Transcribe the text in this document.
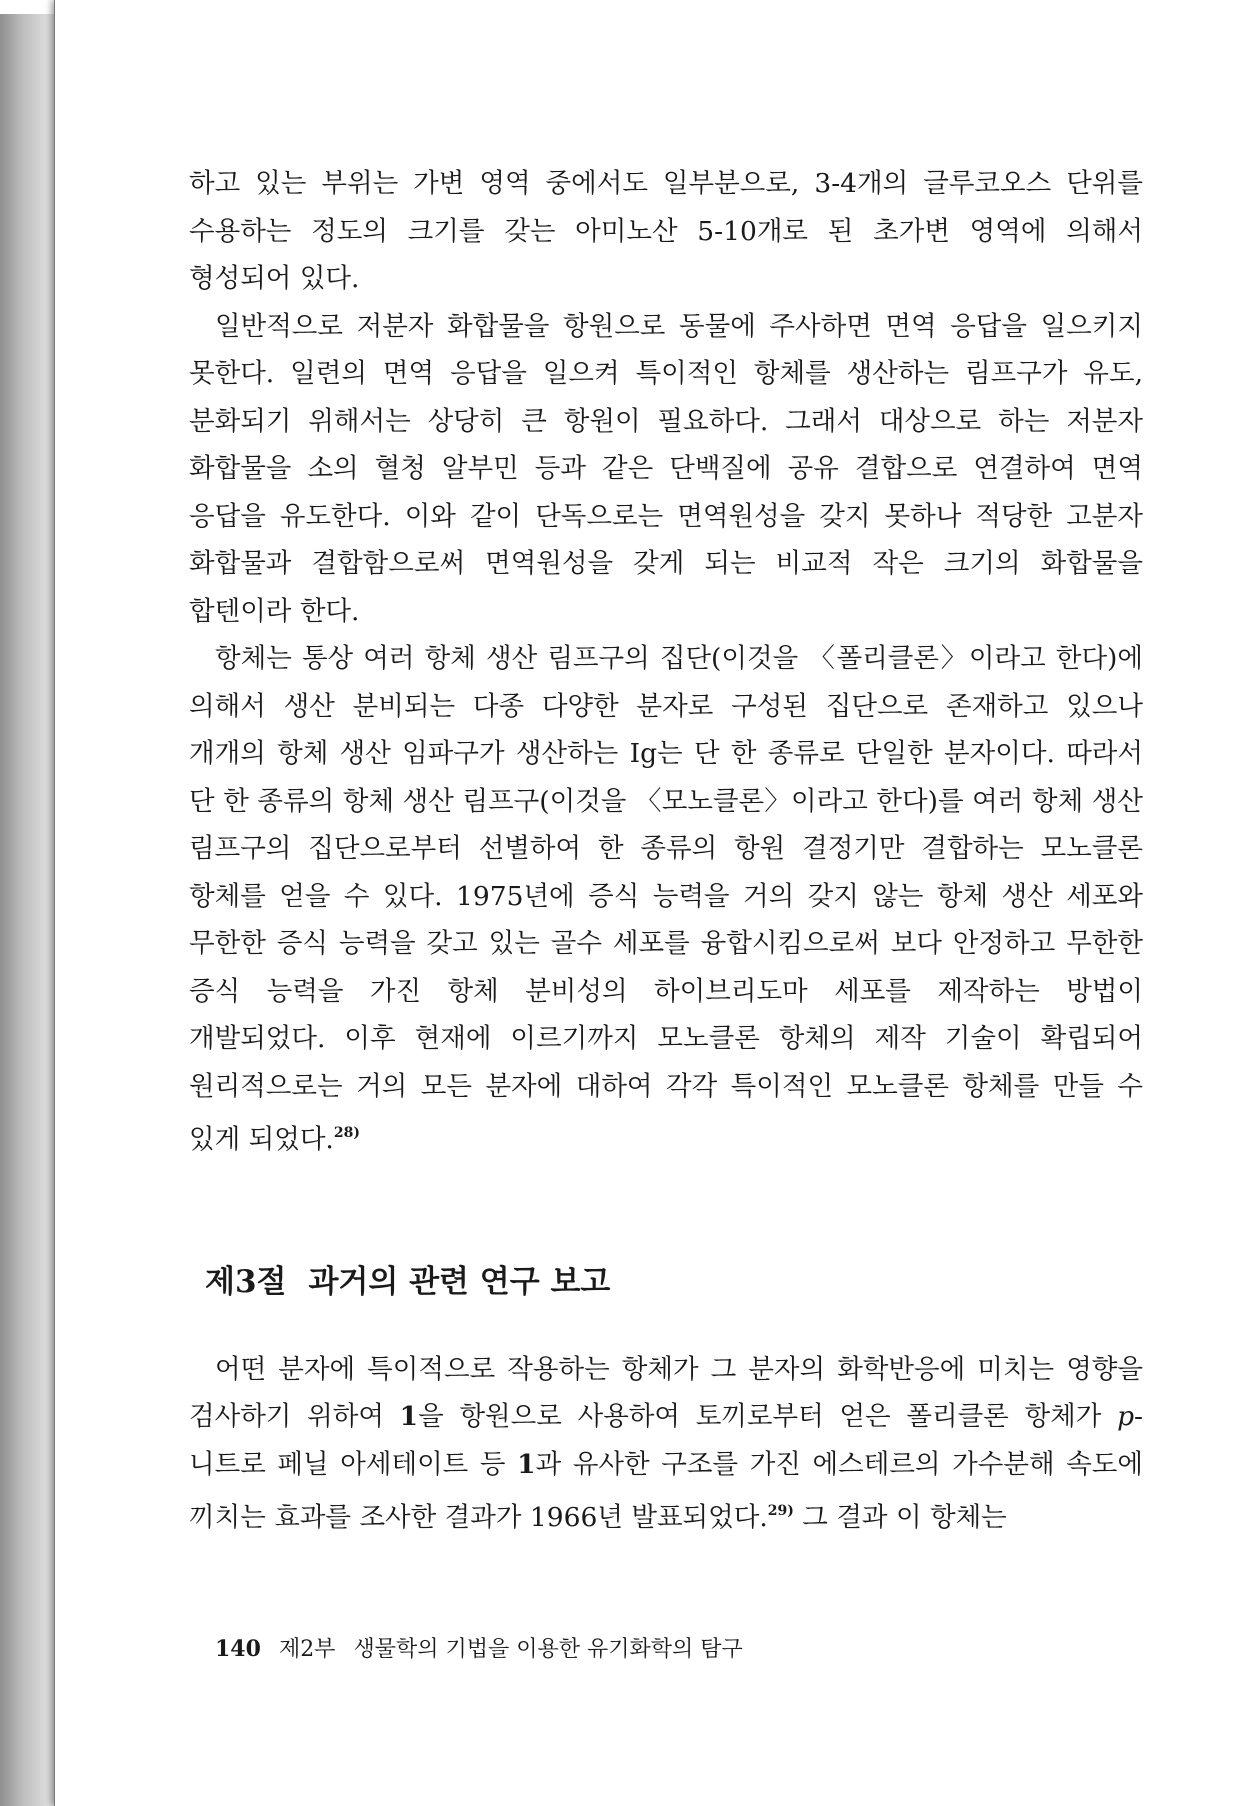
하고 있는 부위는 가변 영역 중에서도 일부분으로, 3-4개의 글루코오스 단위를 수용하는 정도의 크기를 갖는 아미노산 5-10개로 된 초가변 영역에 의해서 형성되어 있다.

일반적으로 저분자 화합물을 항원으로 동물에 주사하면 면역 응답을 일으키지 못한다. 일련의 면역 응답을 일으켜 특이적인 항체를 생산하는 림프구가 유도, 분화되기 위해서는 상당히 큰 항원이 필요하다. 그래서 대상으로 하는 저분자 화합물을 소의 혈청 알부민 등과 같은 단백질에 공유 결합으로 연결하여 면역 응답을 유도한다. 이와 같이 단독으로는 면역원성을 갖지 못하나 적당한 고분자 화합물과 결합함으로써 면역원성을 갖게 되는 비교적 작은 크기의 화합물을 합텐이라 한다.

항체는 통상 여러 항체 생산 림프구의 집단(이것을 〈폴리클론〉이라고 한다)에 의해서 생산 분비되는 다종 다양한 분자로 구성된 집단으로 존재하고 있으나 개개의 항체 생산 임파구가 생산하는 Ig는 단 한 종류로 단일한 분자이다. 따라서 단 한 종류의 항체 생산 림프구(이것을 〈모노클론〉이라고 한다)를 여러 항체 생산 림프구의 집단으로부터 선별하여 한 종류의 항원 결정기만 결합하는 모노클론 항체를 얻을 수 있다. 1975년에 증식 능력을 거의 갖지 않는 항체 생산 세포와 무한한 증식 능력을 갖고 있는 골수 세포를 융합시킴으로써 보다 안정하고 무한한 증식 능력을 가진 항체 분비성의 하이브리도마 세포를 제작하는 방법이 개발되었다. 이후 현재에 이르기까지 모노클론 항체의 제작 기술이 확립되어 원리적으로는 거의 모든 분자에 대하여 각각 특이적인 모노클론 항체를 만들 수 있게 되었다.$^{28)}$

제3절 과거의 관련 연구 보고

어떤 분자에 특이적으로 작용하는 항체가 그 분자의 화학반응에 미치는 영향을 검사하기 위하여 1을 항원으로 사용하여 토끼로부터 얻은 폴리클론 항체가 p-니트로 페닐 아세테이트 등 1과 유사한 구조를 가진 에스테르의 가수분해 속도에 끼치는 효과를 조사한 결과가 1966년 발표되었다.$^{29)}$ 그 결과 이 항체는

140 제2부 생물학의 기법을 이용한 유기화학의 탐구
